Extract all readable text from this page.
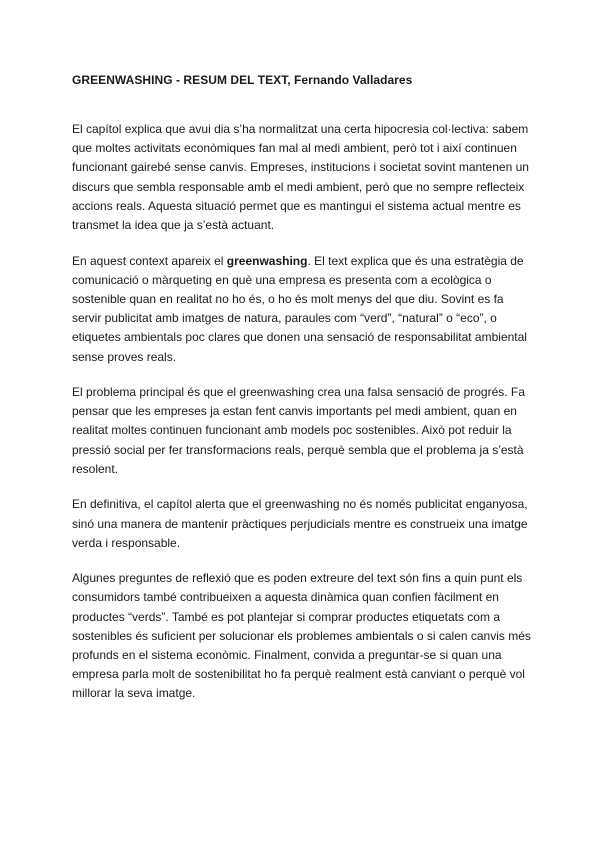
GREENWASHING - RESUM DEL TEXT, Fernando Valladares

El capítol explica que avui dia s’ha normalitzat una certa hipocresia col·lectiva: sabem que moltes activitats econòmiques fan mal al medi ambient, però tot i així continuen funcionant gairebé sense canvis. Empreses, institucions i societat sovint mantenen un discurs que sembla responsable amb el medi ambient, però que no sempre reflecteix accions reals. Aquesta situació permet que es mantingui el sistema actual mentre es transmet la idea que ja s’està actuant.

En aquest context apareix el greenwashing. El text explica que és una estratègia de comunicació o màrqueting en què una empresa es presenta com a ecològica o sostenible quan en realitat no ho és, o ho és molt menys del que diu. Sovint es fa servir publicitat amb imatges de natura, paraules com “verd”, “natural” o “eco”, o etiquetes ambientals poc clares que donen una sensació de responsabilitat ambiental sense proves reals.

El problema principal és que el greenwashing crea una falsa sensació de progrés. Fa pensar que les empreses ja estan fent canvis importants pel medi ambient, quan en realitat moltes continuen funcionant amb models poc sostenibles. Això pot reduir la pressió social per fer transformacions reals, perquè sembla que el problema ja s’està resolent.

En definitiva, el capítol alerta que el greenwashing no és només publicitat enganyosa, sinó una manera de mantenir pràctiques perjudicials mentre es construeix una imatge verda i responsable.

Algunes preguntes de reflexió que es poden extreure del text són fins a quin punt els consumidors també contribueixen a aquesta dinàmica quan confien fàcilment en productes “verds”. També es pot plantejar si comprar productes etiquetats com a sostenibles és suficient per solucionar els problemes ambientals o si calen canvis més profunds en el sistema econòmic. Finalment, convida a preguntar-se si quan una empresa parla molt de sostenibilitat ho fa perquè realment està canviant o perquè vol millorar la seva imatge.
